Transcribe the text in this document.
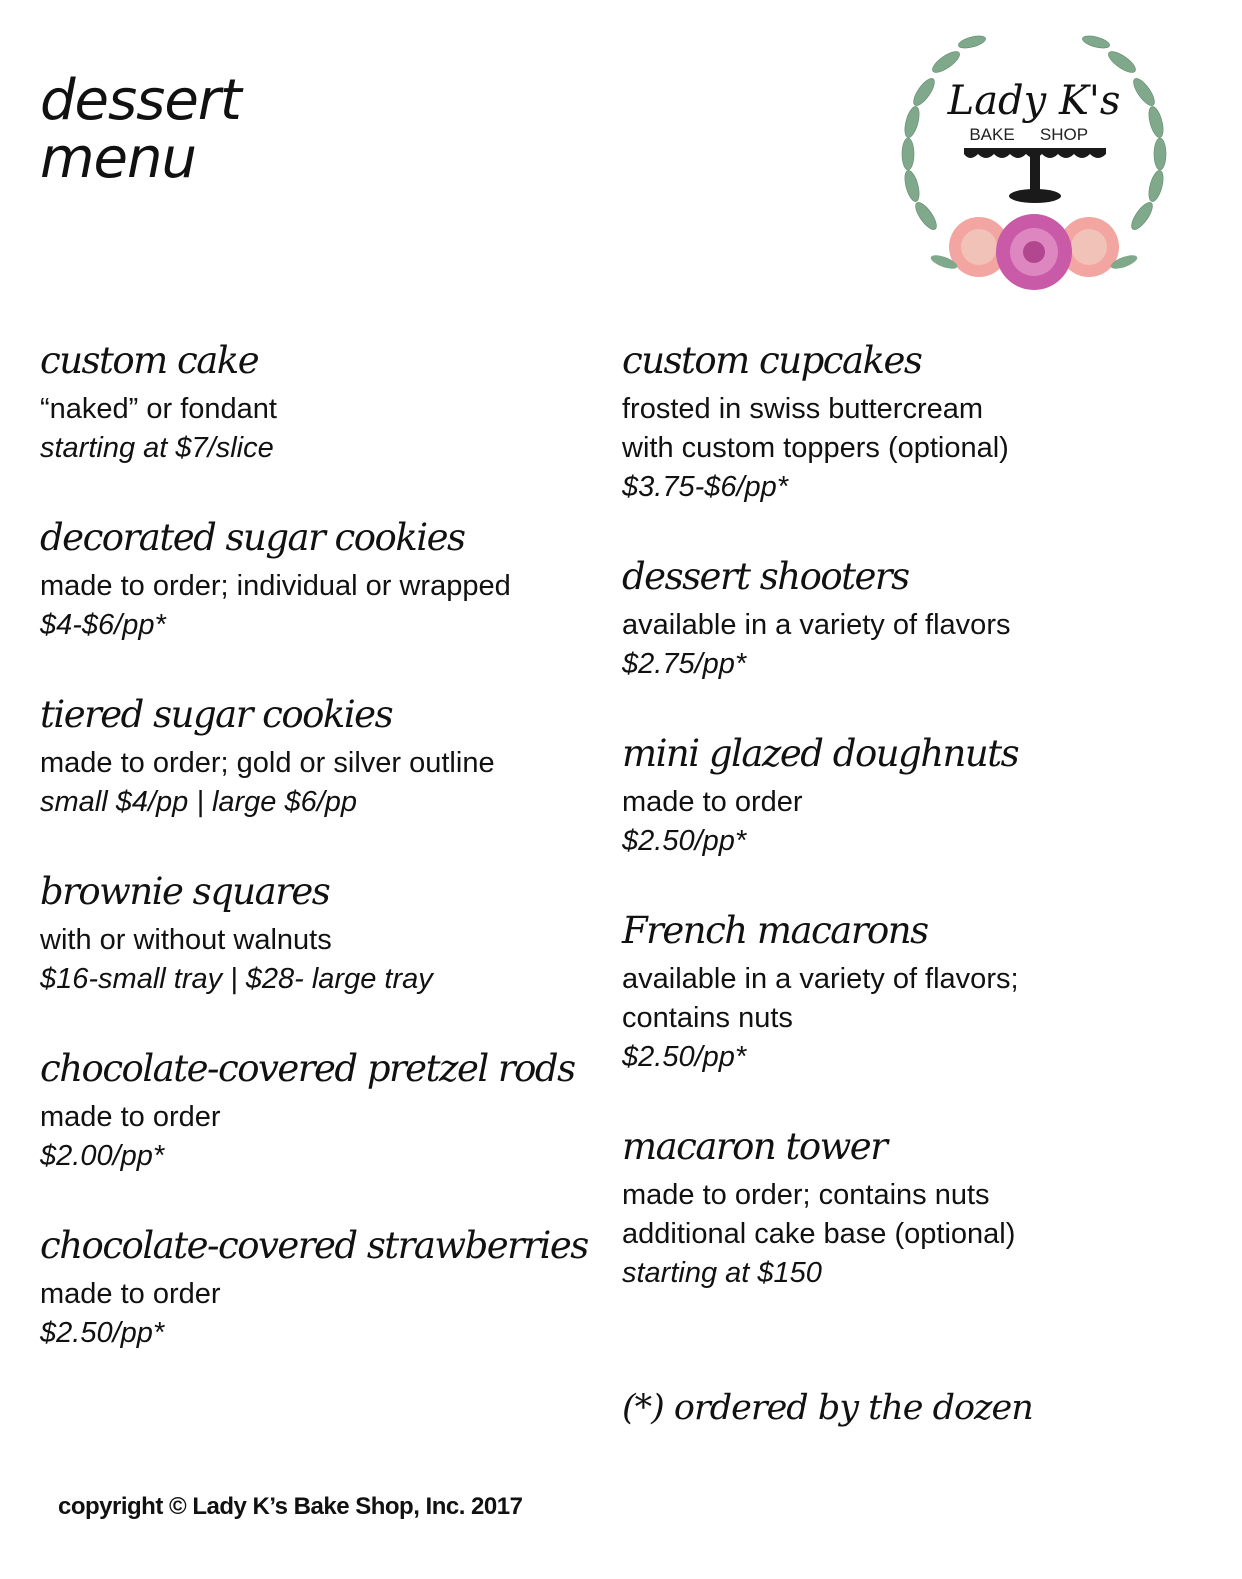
dessert
menu
Lady K's
BAKE SHOP
custom cake

“naked” or fondant

starting at $7/slice

decorated sugar cookies

made to order; individual or wrapped

$4-$6/pp*

tiered sugar cookies

made to order; gold or silver outline

small $4/pp | large $6/pp

brownie squares

with or without walnuts

$16-small tray | $28- large tray

chocolate-covered pretzel rods

made to order

$2.00/pp*

chocolate-covered strawberries

made to order

$2.50/pp*

custom cupcakes

frosted in swiss buttercream

with custom toppers (optional)

$3.75-$6/pp*

dessert shooters

available in a variety of flavors

$2.75/pp*

mini glazed doughnuts

made to order

$2.50/pp*

French macarons

available in a variety of flavors;

contains nuts

$2.50/pp*

macaron tower

made to order; contains nuts

additional cake base (optional)

starting at $150

(*) ordered by the dozen

copyright © Lady K’s Bake Shop, Inc. 2017
